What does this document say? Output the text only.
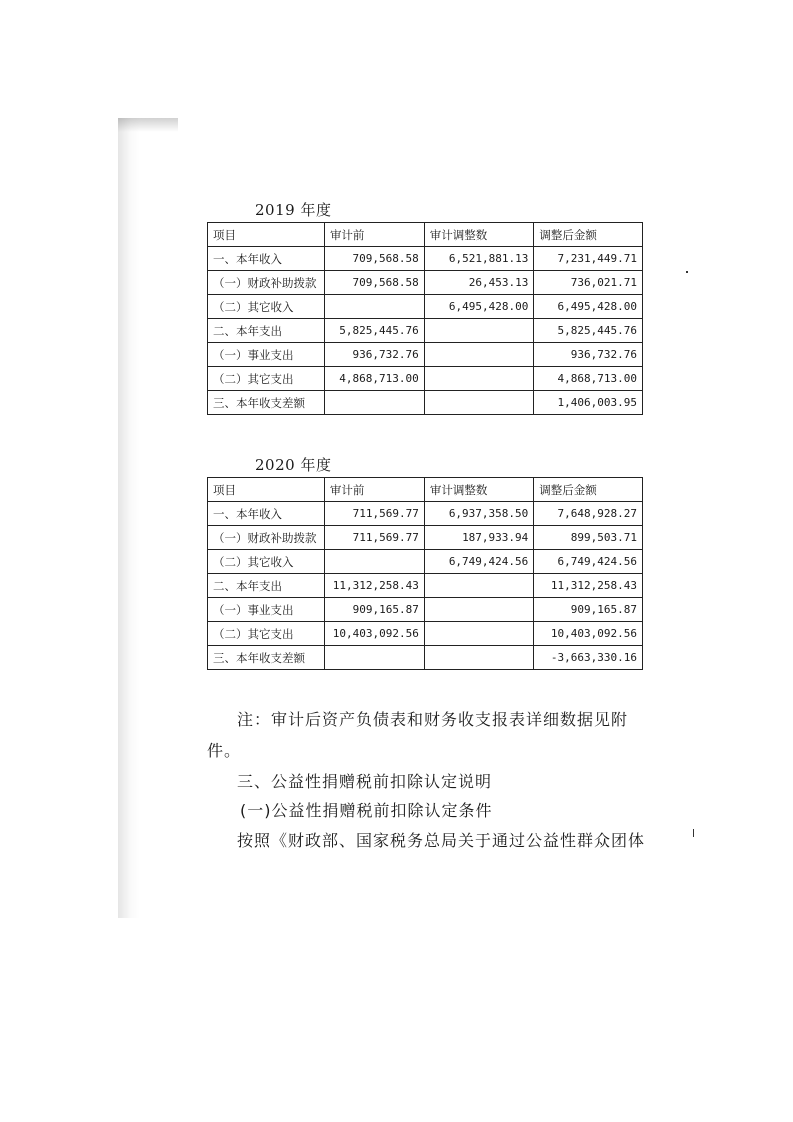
2019 年度
项目	审计前	审计调整数	调整后金额
一、本年收入	709,568.58	6,521,881.13	7,231,449.71
（一）财政补助拨款	709,568.58	26,453.13	736,021.71
（二）其它收入		6,495,428.00	6,495,428.00
二、本年支出	5,825,445.76		5,825,445.76
（一）事业支出	936,732.76		936,732.76
（二）其它支出	4,868,713.00		4,868,713.00
三、本年收支差额			1,406,003.95
2020 年度
项目	审计前	审计调整数	调整后金额
一、本年收入	711,569.77	6,937,358.50	7,648,928.27
（一）财政补助拨款	711,569.77	187,933.94	899,503.71
（二）其它收入		6,749,424.56	6,749,424.56
二、本年支出	11,312,258.43		11,312,258.43
（一）事业支出	909,165.87		909,165.87
（二）其它支出	10,403,092.56		10,403,092.56
三、本年收支差额			-3,663,330.16
注：审计后资产负债表和财务收支报表详细数据见附
件。
三、公益性捐赠税前扣除认定说明
(一)公益性捐赠税前扣除认定条件
按照《财政部、国家税务总局关于通过公益性群众团体
